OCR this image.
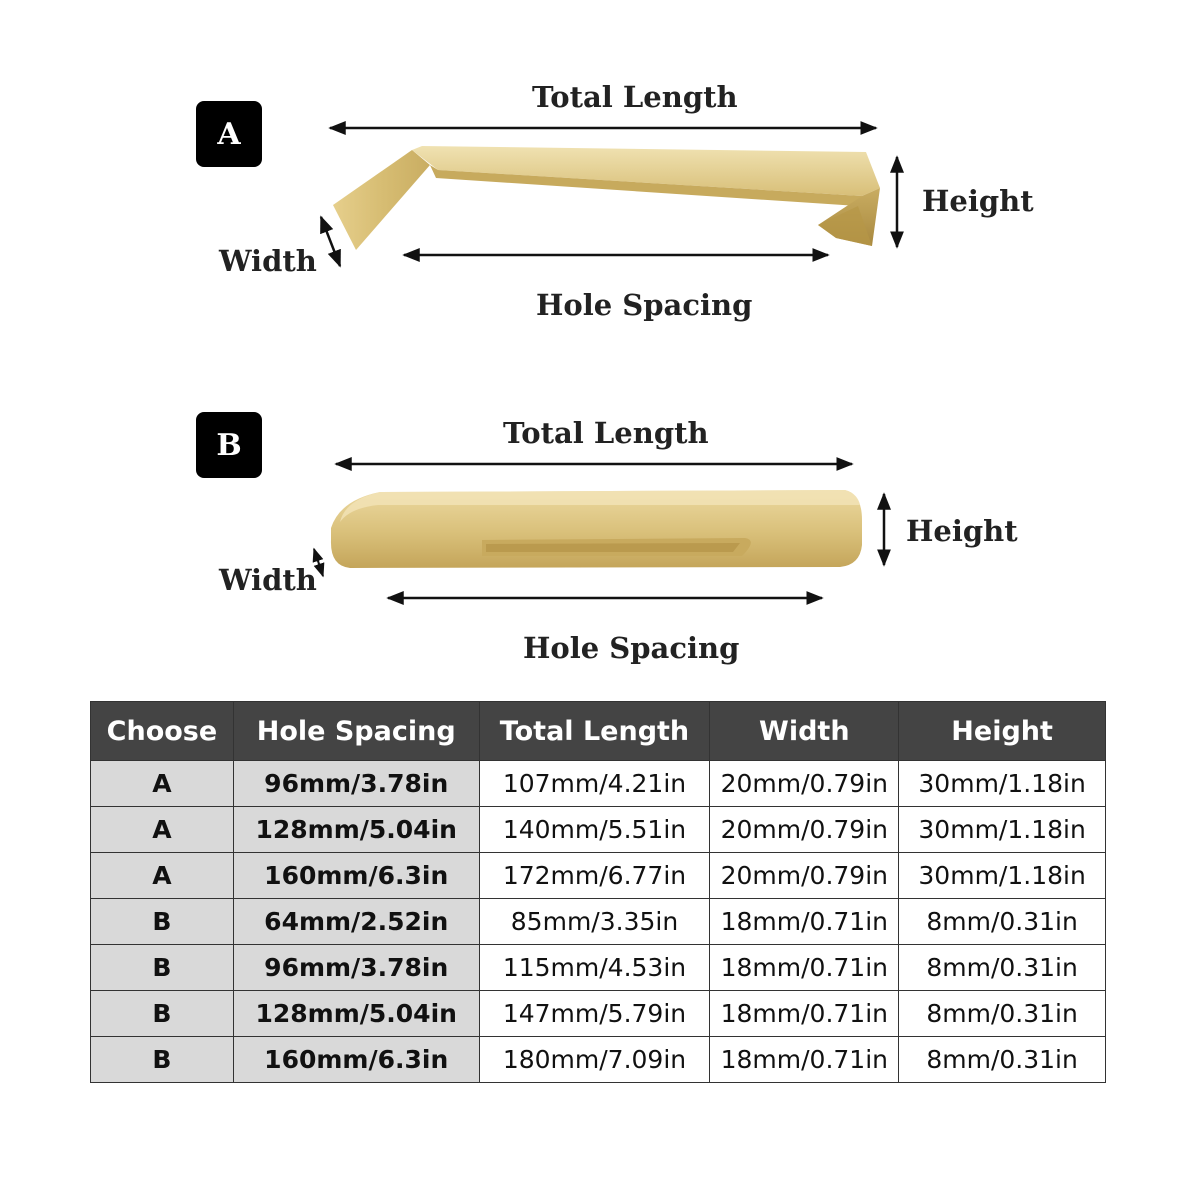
A
B
Total Length
Height
Width
Hole Spacing
Total Length
Height
Width
Hole Spacing
Choose	Hole Spacing	Total Length	Width	Height
A	96mm/3.78in	107mm/4.21in	20mm/0.79in	30mm/1.18in
A	128mm/5.04in	140mm/5.51in	20mm/0.79in	30mm/1.18in
A	160mm/6.3in	172mm/6.77in	20mm/0.79in	30mm/1.18in
B	64mm/2.52in	85mm/3.35in	18mm/0.71in	8mm/0.31in
B	96mm/3.78in	115mm/4.53in	18mm/0.71in	8mm/0.31in
B	128mm/5.04in	147mm/5.79in	18mm/0.71in	8mm/0.31in
B	160mm/6.3in	180mm/7.09in	18mm/0.71in	8mm/0.31in
